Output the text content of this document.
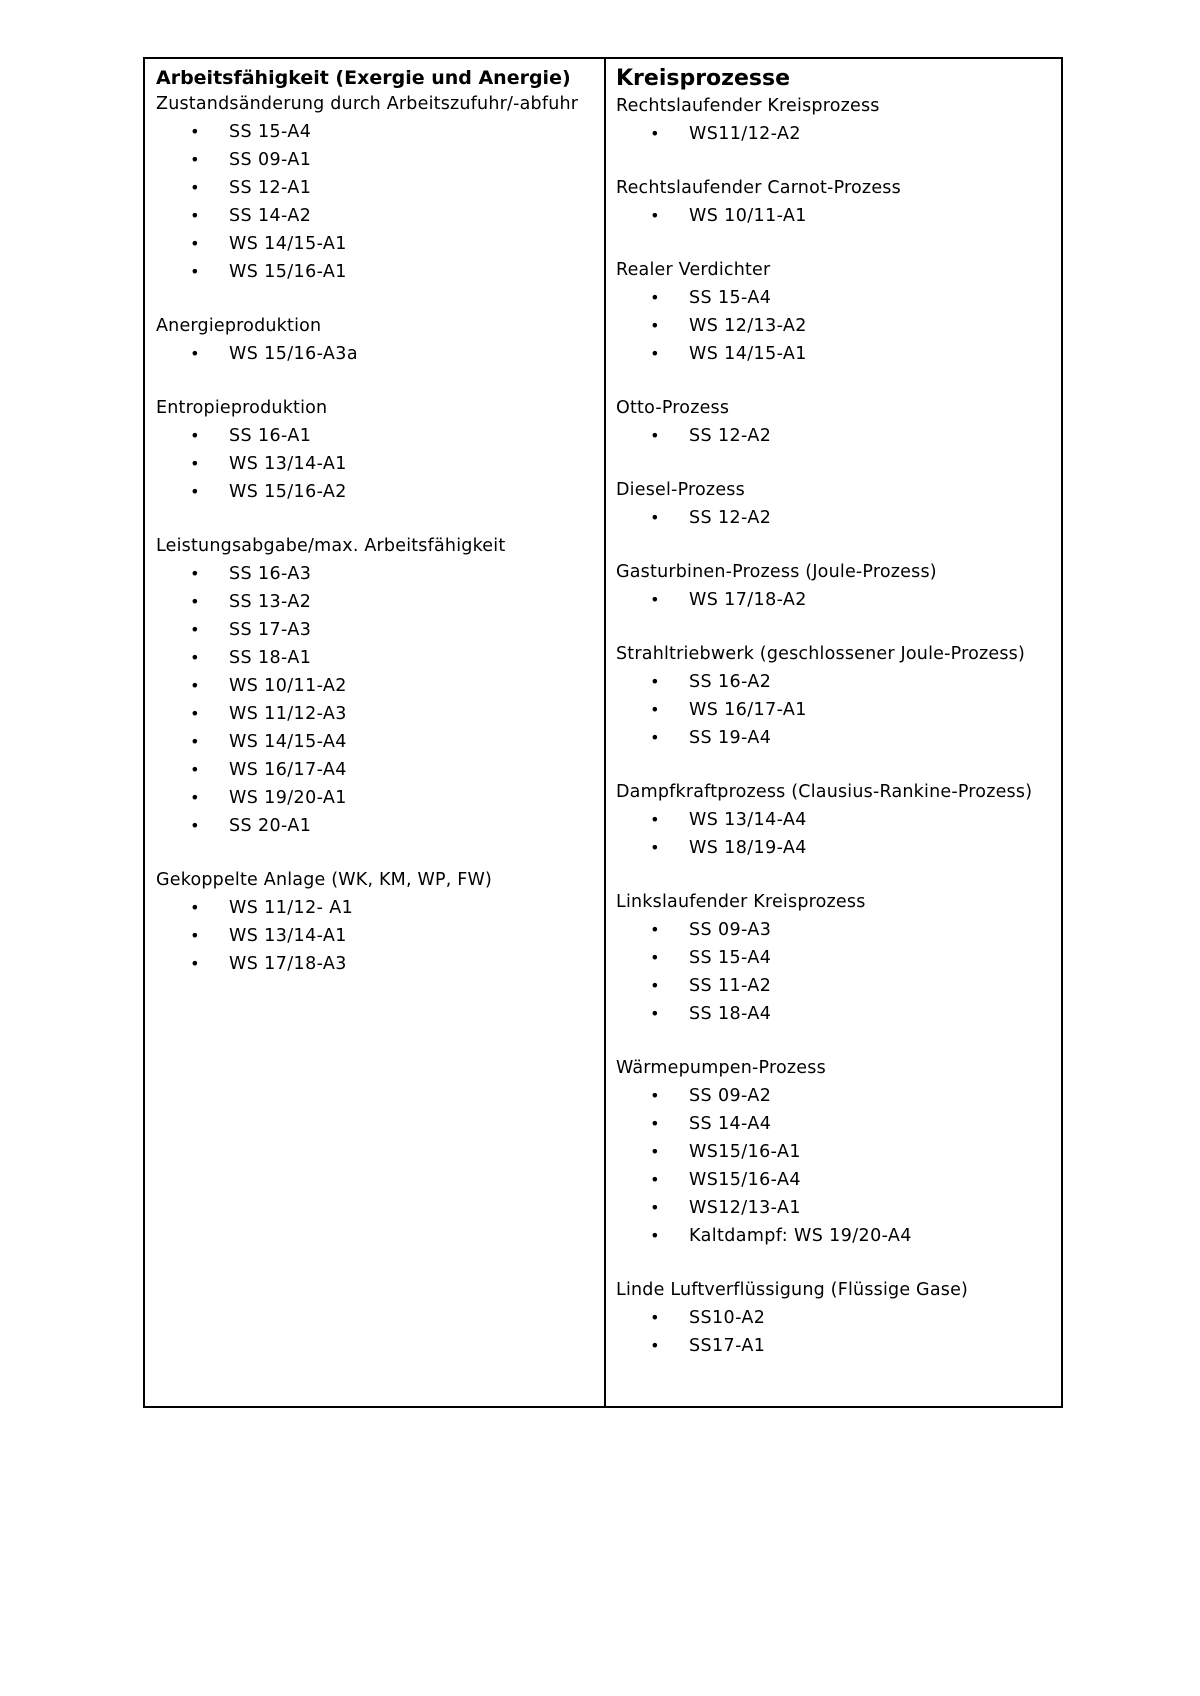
Arbeitsfähigkeit (Exergie und Anergie)

Zustandsänderung durch Arbeitszufuhr/-abfuhr

• SS 15-A4
• SS 09-A1
• SS 12-A1
• SS 14-A2
• WS 14/15-A1
• WS 15/16-A1

Anergieproduktion

• WS 15/16-A3a

Entropieproduktion

• SS 16-A1
• WS 13/14-A1
• WS 15/16-A2

Leistungsabgabe/max. Arbeitsfähigkeit

• SS 16-A3
• SS 13-A2
• SS 17-A3
• SS 18-A1
• WS 10/11-A2
• WS 11/12-A3
• WS 14/15-A4
• WS 16/17-A4
• WS 19/20-A1
• SS 20-A1

Gekoppelte Anlage (WK, KM, WP, FW)

• WS 11/12- A1
• WS 13/14-A1
• WS 17/18-A3

Kreisprozesse

Rechtslaufender Kreisprozess

• WS11/12-A2

Rechtslaufender Carnot-Prozess

• WS 10/11-A1

Realer Verdichter

• SS 15-A4
• WS 12/13-A2
• WS 14/15-A1

Otto-Prozess

• SS 12-A2

Diesel-Prozess

• SS 12-A2

Gasturbinen-Prozess (Joule-Prozess)

• WS 17/18-A2

Strahltriebwerk (geschlossener Joule-Prozess)

• SS 16-A2
• WS 16/17-A1
• SS 19-A4

Dampfkraftprozess (Clausius-Rankine-Prozess)

• WS 13/14-A4
• WS 18/19-A4

Linkslaufender Kreisprozess

• SS 09-A3
• SS 15-A4
• SS 11-A2
• SS 18-A4

Wärmepumpen-Prozess

• SS 09-A2
• SS 14-A4
• WS15/16-A1
• WS15/16-A4
• WS12/13-A1
• Kaltdampf: WS 19/20-A4

Linde Luftverflüssigung (Flüssige Gase)

• SS10-A2
• SS17-A1
